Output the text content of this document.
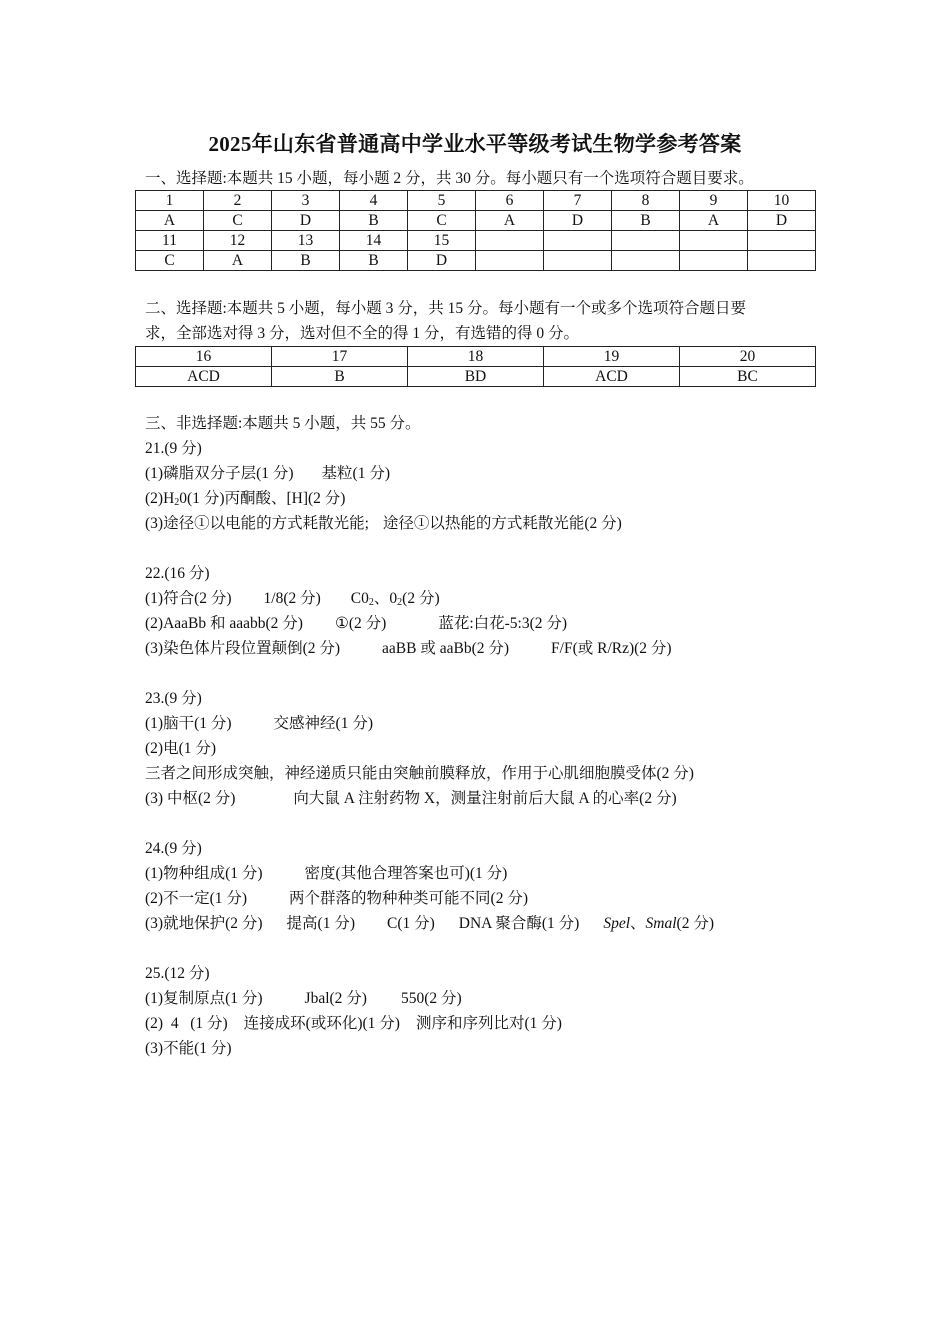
2025年山东省普通高中学业水平等级考试生物学参考答案
一、选择题:本题共 15 小题，每小题 2 分，共 30 分。每小题只有一个选项符合题目要求。
1	2	3	4	5	6	7	8	9	10
A	C	D	B	C	A	D	B	A	D
11	12	13	14	15					
C	A	B	B	D					
二、选择题:本题共 5 小题，每小题 3 分，共 15 分。每小题有一个或多个选项符合题日要
求，全部选对得 3 分，选对但不全的得 1 分，有选错的得 0 分。
16	17	18	19	20
ACD	B	BD	ACD	BC
三、非选择题:本题共 5 小题，共 55 分。
21.(9 分)
(1)磷脂双分子层(1 分) 基粒(1 分)
$(2)H_20(1$ 分)丙酮酸、[H](2 分)
(3)途径①以电能的方式耗散光能; 途径①以热能的方式耗散光能(2 分)
22.(16 分)
(1)符合(2 分) 1/8(2 分) $C0_2$、$0_2(2$ 分)
(2)AaaBb 和 aaabb(2 分) ①(2 分)	蓝花:白花-5:3(2 分)
(3)染色体片段位置颠倒(2 分)	aaBB 或 aaBb(2 分)	F/F(或 R/Rz)(2 分)
23.(9 分)
(1)脑干(1 分)	交感神经(1 分)
(2)电(1 分)
三者之间形成突触，神经递质只能由突触前膜释放，作用于心肌细胞膜受体(2 分)
(3) 中枢(2 分)	向大鼠 A 注射药物 X，测量注射前后大鼠 A 的心率(2 分)
24.(9 分)
(1)物种组成(1 分)	密度(其他合理答案也可)(1 分)
(2)不一定(1 分)	两个群落的物种种类可能不同(2 分)
(3)就地保护(2 分) 提高(1 分) C(1 分) DNA 聚合酶(1 分) Spel、Smal(2 分)
25.(12 分)
(1)复制原点(1 分)	Jbal(2 分) 550(2 分)
(2)  4   (1 分) 连接成环(或环化)(1 分) 测序和序列比对(1 分)
(3)不能(1 分)
